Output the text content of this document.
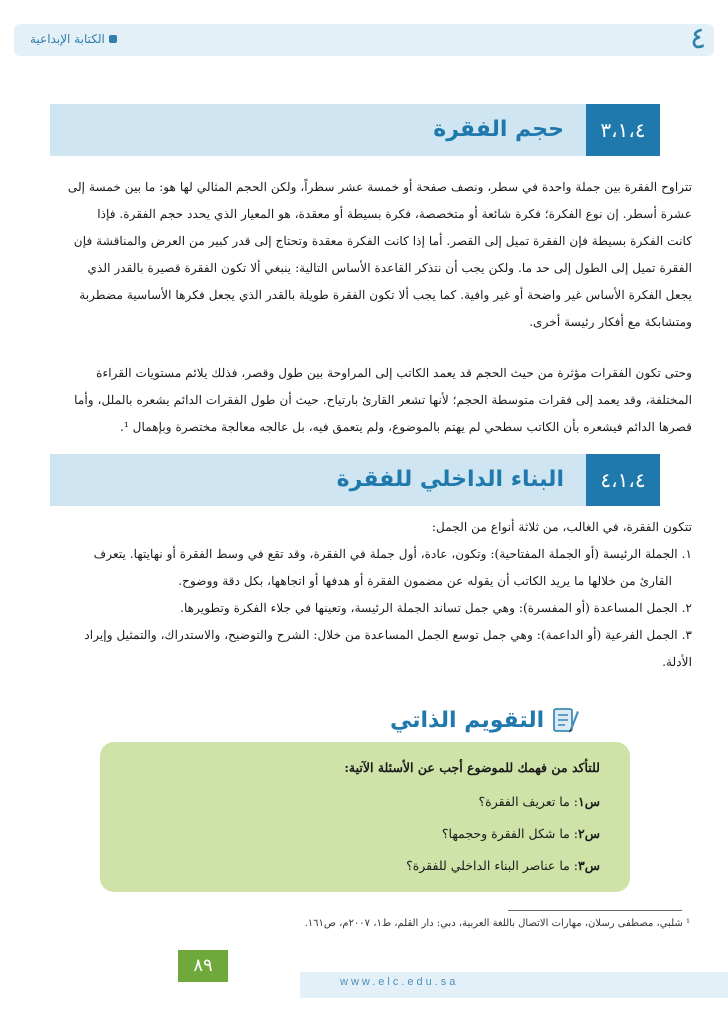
٤
الكتابة الإبداعية
٣،١،٤
حجم الفقرة
تتراوح الفقرة بين جملة واحدة في سطر، ونصف صفحة أو خمسة عشر سطراً، ولكن الحجم المثالي لها هو: ما بين خمسة إلى
عشرة أسطر. إن نوع الفكرة؛ فكرة شائعة أو متخصصة، فكرة بسيطة أو معقدة، هو المعيار الذي يحدد حجم الفقرة. فإذا
كانت الفكرة بسيطة فإن الفقرة تميل إلى القصر. أما إذا كانت الفكرة معقدة وتحتاج إلى قدر كبير من العرض والمناقشة فإن
الفقرة تميل إلى الطول إلى حد ما. ولكن يجب أن نتذكر القاعدة الأساس التالية: ينبغي ألا تكون الفقرة قصيرة بالقدر الذي
يجعل الفكرة الأساس غير واضحة أو غير وافية. كما يجب ألا تكون الفقرة طويلة بالقدر الذي يجعل فكرها الأساسية مضطربة
ومتشابكة مع أفكار رئيسة أخرى.
وحتى تكون الفقرات مؤثرة من حيث الحجم قد يعمد الكاتب إلى المراوحة بين طول وقصر، فذلك يلائم مستويات القراءة
المختلفة، وقد يعمد إلى فقرات متوسطة الحجم؛ لأنها تشعر القارئ بارتياح. حيث أن طول الفقرات الدائم يشعره بالملل، وأما
قصرها الدائم فيشعره بأن الكاتب سطحي لم يهتم بالموضوع، ولم يتعمق فيه، بل عالجه معالجة مختصرة وبإهمال ¹.
٤،١،٤
البناء الداخلي للفقرة
تتكون الفقرة، في الغالب، من ثلاثة أنواع من الجمل:
١. الجملة الرئيسة (أو الجملة المفتاحية): وتكون، عادة، أول جملة في الفقرة، وقد تقع في وسط الفقرة أو نهايتها. يتعرف
القارئ من خلالها ما يريد الكاتب أن يقوله عن مضمون الفقرة أو هدفها أو اتجاهها، بكل دقة ووضوح.
٢. الجمل المساعدة (أو المفسرة): وهي جمل تساند الجملة الرئيسة، وتعينها في جلاء الفكرة وتطويرها.
٣. الجمل الفرعية (أو الداعمة): وهي جمل توسع الجمل المساعدة من خلال: الشرح والتوضيح، والاستدراك، والتمثيل وإيراد
الأدلة.
التقويم الذاتي
للتأكد من فهمك للموضوع أجب عن الأسئلة الآتية:
س١: ما تعريف الفقرة؟
س٢: ما شكل الفقرة وحجمها؟
س٣: ما عناصر البناء الداخلي للفقرة؟
¹ شلبي، مصطفى رسلان، مهارات الاتصال باللغة العربية، دبي: دار القلم، ط١، ٢٠٠٧م، ص١٦١.
٨٩
www.elc.edu.sa
